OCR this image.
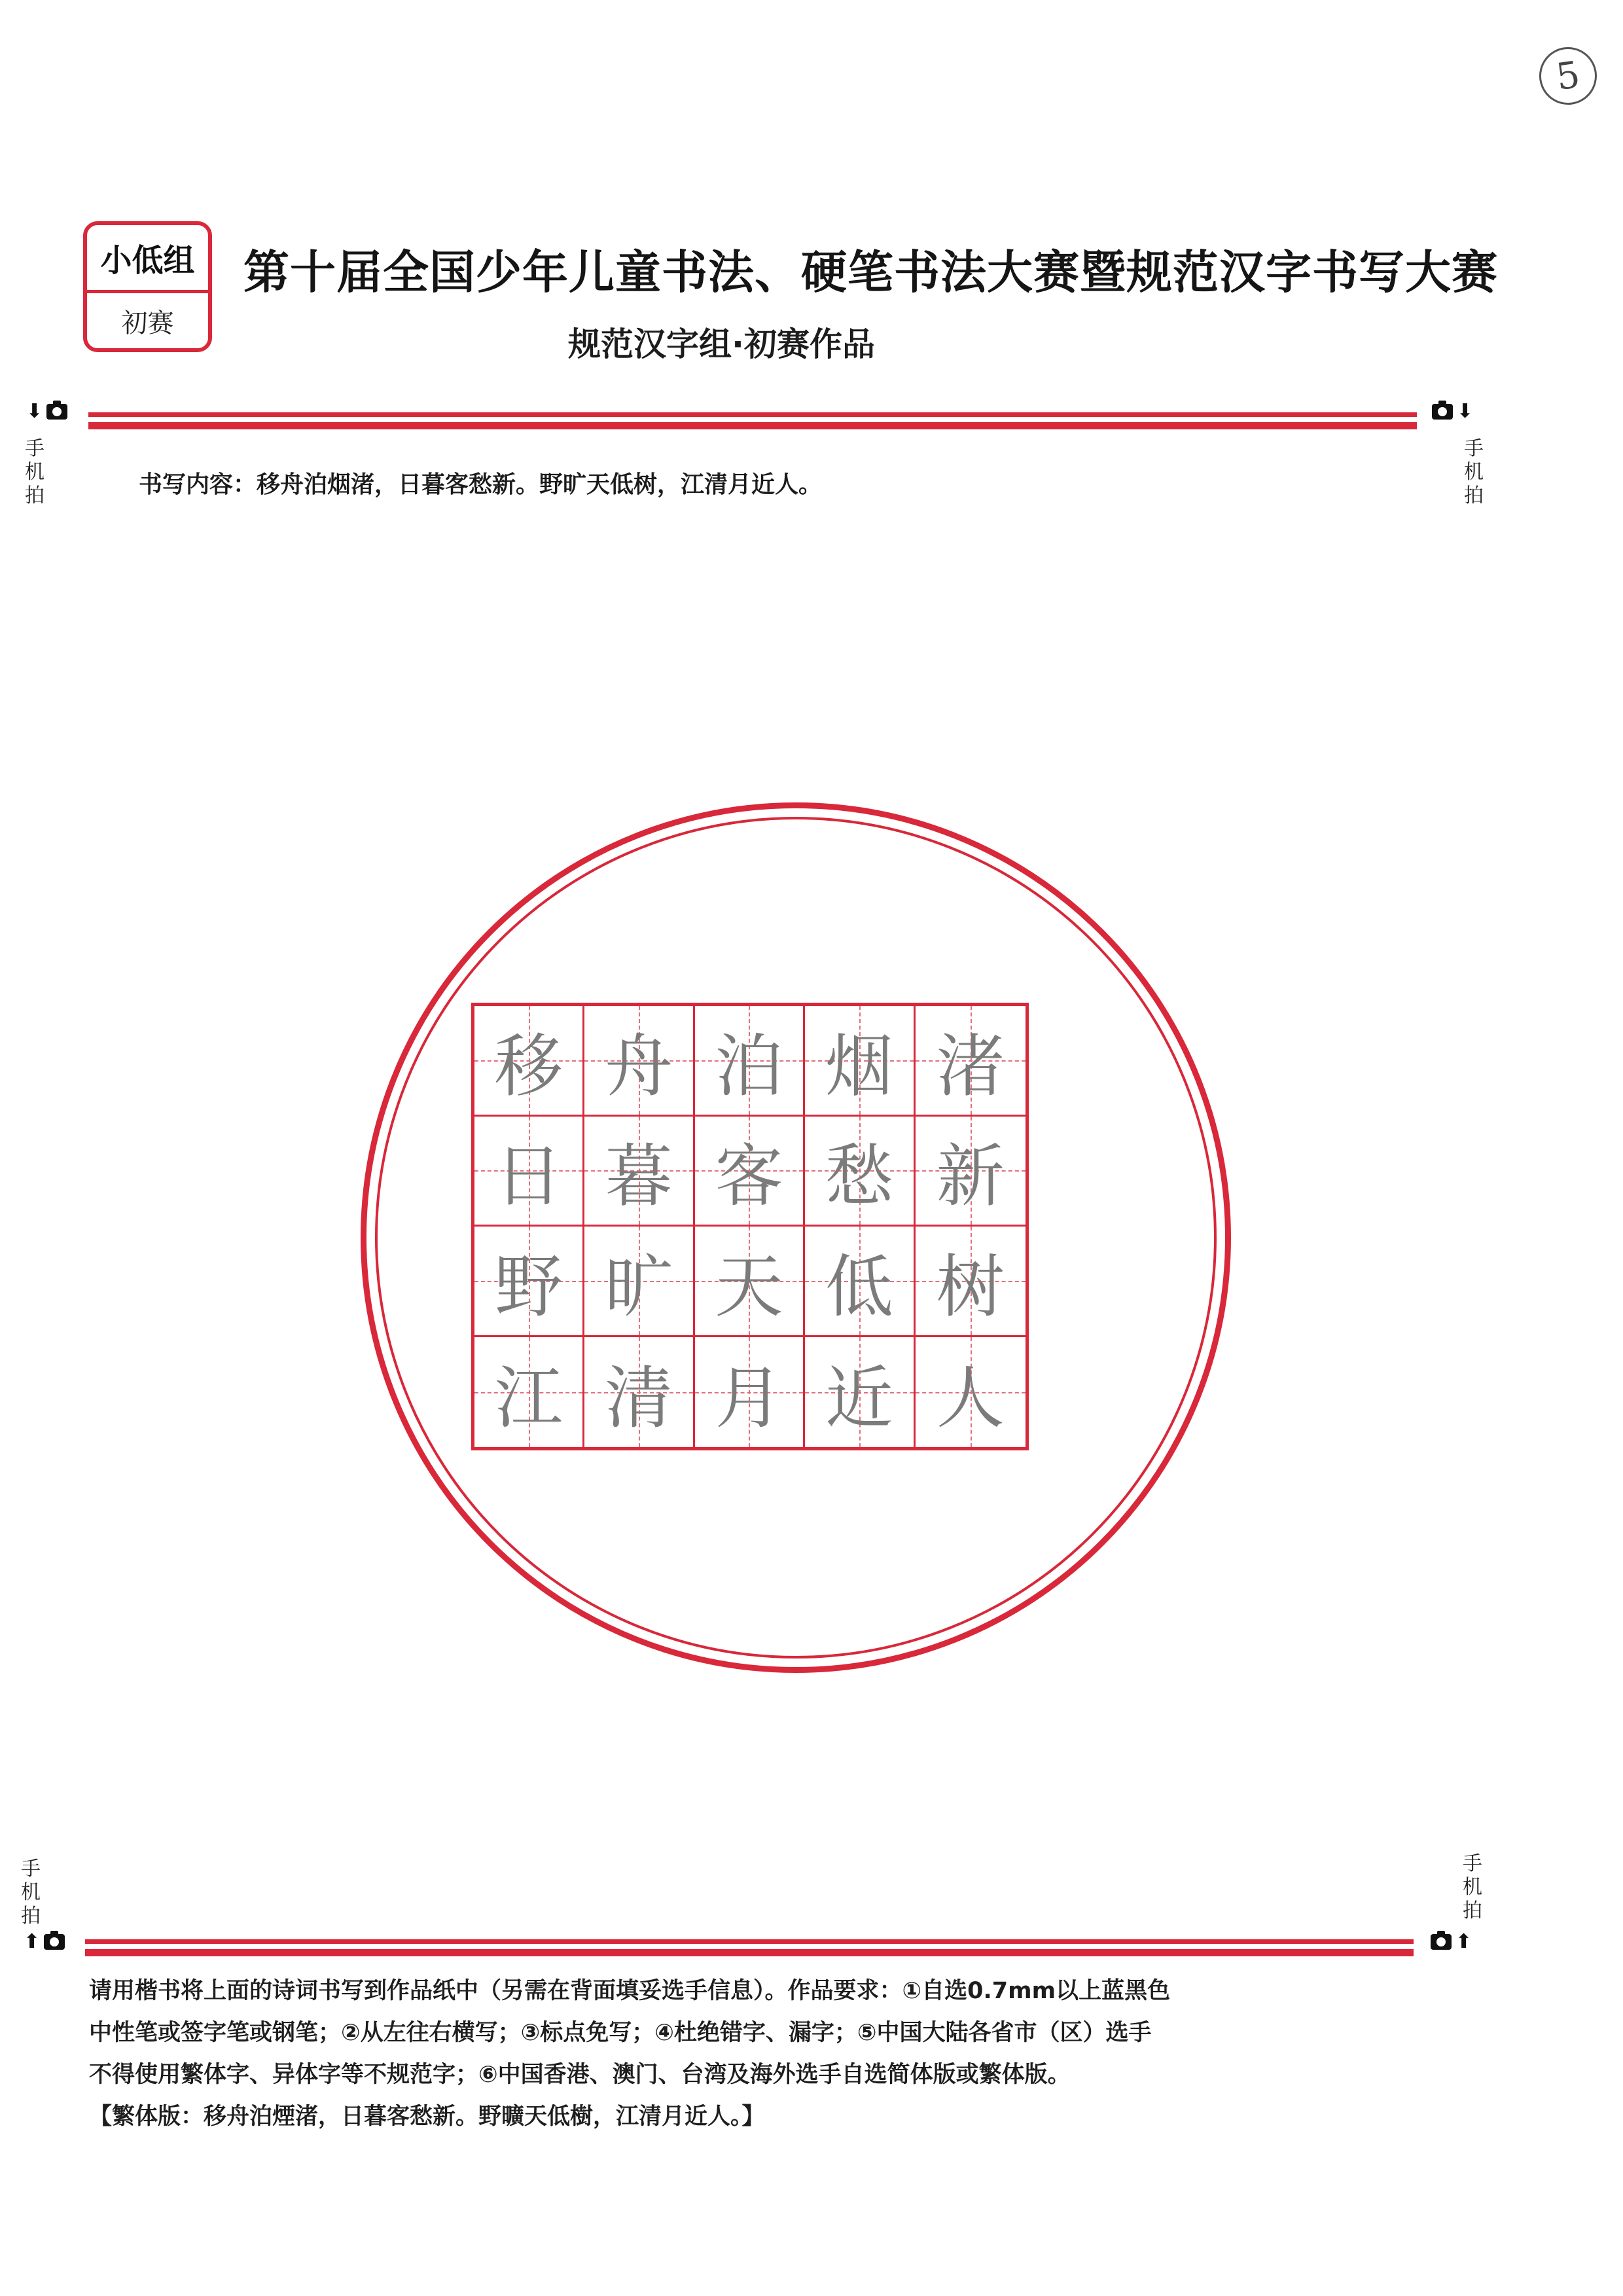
5
小低组
初赛
第十届全国少年儿童书法、硬笔书法大赛暨规范汉字书写大赛
规范汉字组·初赛作品
⬇
手机拍
⬇
手机拍
书写内容：移舟泊烟渚，日暮客愁新。野旷天低树，江清月近人。
移 舟 泊 烟 渚
日 暮 客 愁 新
野 旷 天 低 树
江 清 月 近 人
手机拍
⬆
手机拍
⬆

请用楷书将上面的诗词书写到作品纸中（另需在背面填妥选手信息）。作品要求：①自选0.7mm以上蓝黑色

中性笔或签字笔或钢笔；②从左往右横写；③标点免写；④杜绝错字、漏字；⑤中国大陆各省市（区）选手

不得使用繁体字、异体字等不规范字；⑥中国香港、澳门、台湾及海外选手自选简体版或繁体版。

【繁体版：移舟泊煙渚，日暮客愁新。野曠天低樹，江清月近人。】
